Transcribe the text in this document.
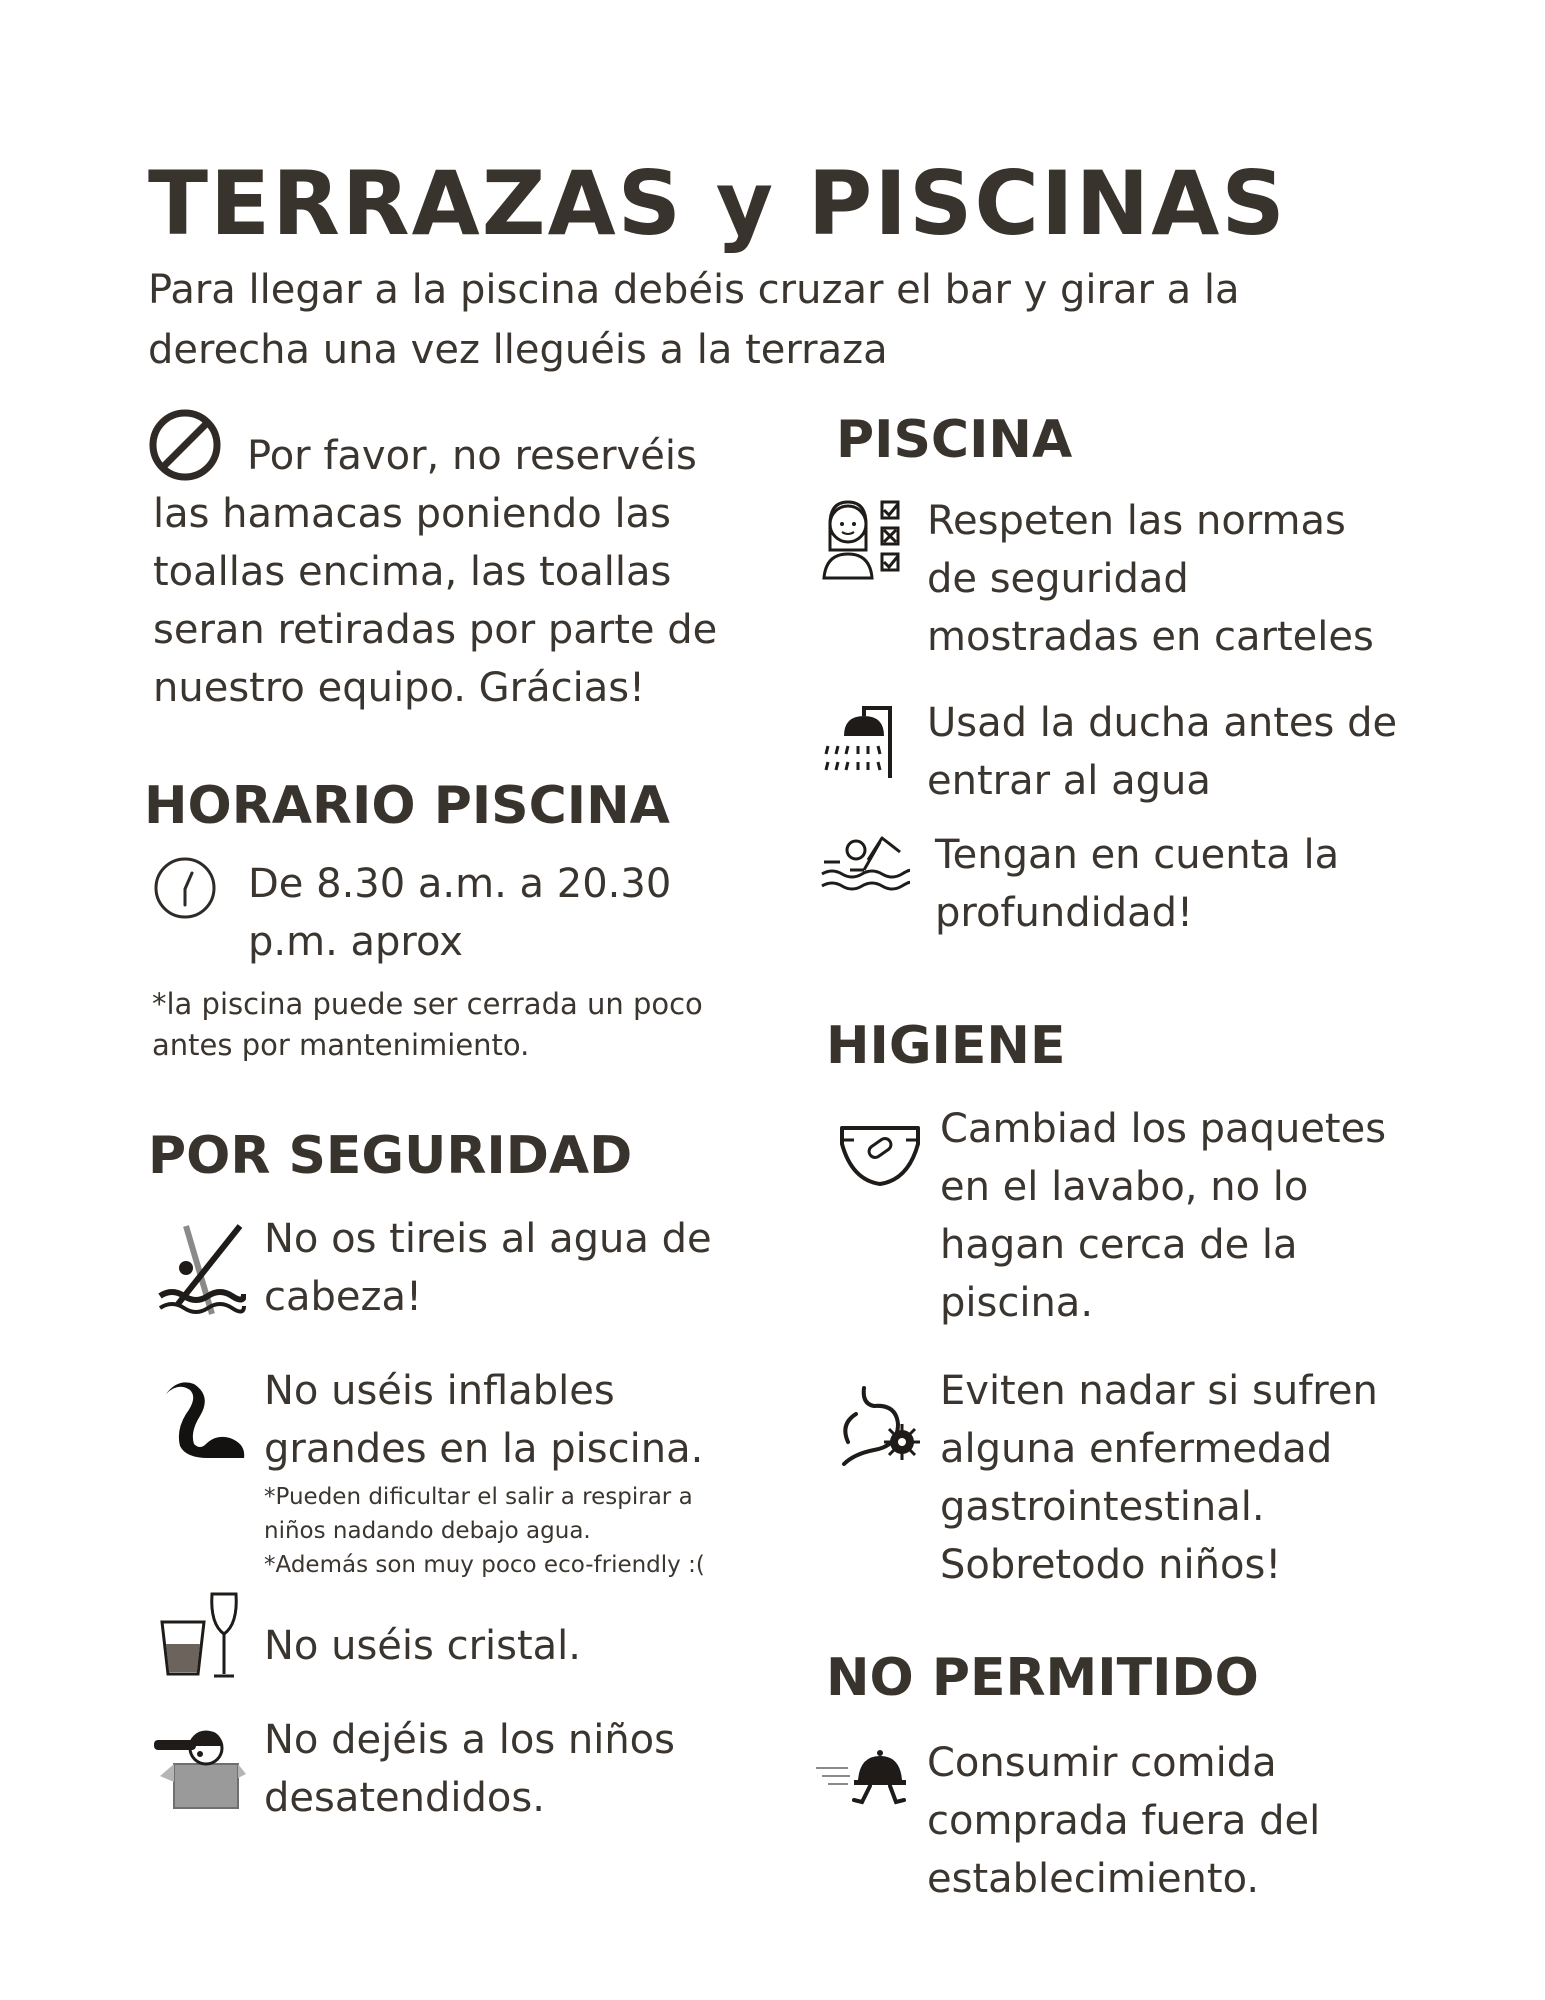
TERRAZAS y PISCINAS
Para llegar a la piscina debéis cruzar el bar y girar a la derecha una vez lleguéis a la terraza
Por favor, no reservéis
las hamacas poniendo las
toallas encima, las toallas
seran retiradas por parte de
nuestro equipo. Grácias!
HORARIO PISCINA
De 8.30 a.m. a 20.30
p.m. aprox
*la piscina puede ser cerrada un poco
antes por mantenimiento.
POR SEGURIDAD
No os tireis al agua de
cabeza!
No uséis inflables
grandes en la piscina.
*Pueden dificultar el salir a respirar a
niños nadando debajo agua.
*Además son muy poco eco-friendly :(
No uséis cristal.
No dejéis a los niños
desatendidos.
PISCINA
Respeten las normas
de seguridad
mostradas en carteles
Usad la ducha antes de
entrar al agua
Tengan en cuenta la
profundidad!
HIGIENE
Cambiad los paquetes
en el lavabo, no lo
hagan cerca de la
piscina.
Eviten nadar si sufren
alguna enfermedad
gastrointestinal.
Sobretodo niños!
NO PERMITIDO
Consumir comida
comprada fuera del
establecimiento.
